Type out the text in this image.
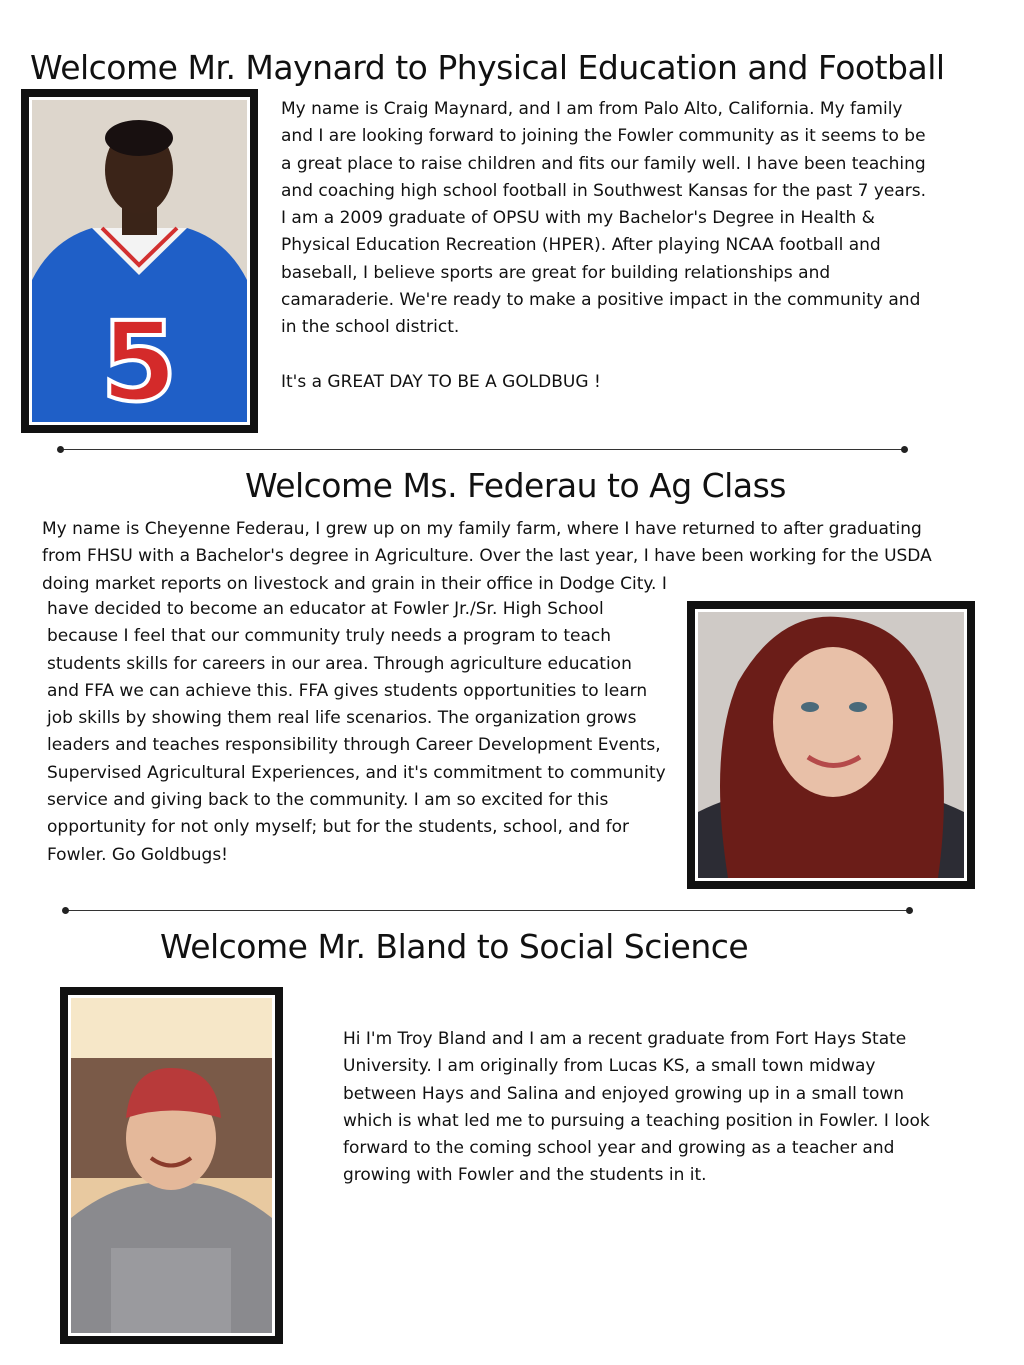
Welcome Mr. Maynard to Physical Education and Football
5

My name is Craig Maynard, and I am from Palo Alto, California. My family and I are looking forward to joining the Fowler community as it seems to be a great place to raise children and fits our family well. I have been teaching and coaching high school football in Southwest Kansas for the past 7 years. I am a 2009 graduate of OPSU with my Bachelor's Degree in Health & Physical Education Recreation (HPER). After playing NCAA football and baseball, I believe sports are great for building relationships and camaraderie. We're ready to make a positive impact in the community and in the school district.

It's a GREAT DAY TO BE A GOLDBUG !

Welcome Ms. Federau to Ag Class

My name is Cheyenne Federau, I grew up on my family farm, where I have returned to after graduating from FHSU with a Bachelor's degree in Agriculture. Over the last year, I have been working for the USDA doing market reports on livestock and grain in their office in Dodge City. I

have decided to become an educator at Fowler Jr./Sr. High School because I feel that our community truly needs a program to teach students skills for careers in our area. Through agriculture education and FFA we can achieve this. FFA gives students opportunities to learn job skills by showing them real life scenarios. The organization grows leaders and teaches responsibility through Career Development Events, Supervised Agricultural Experiences, and it's commitment to community service and giving back to the community. I am so excited for this opportunity for not only myself; but for the students, school, and for Fowler. Go Goldbugs!

Welcome Mr. Bland to Social Science

Hi I'm Troy Bland and I am a recent graduate from Fort Hays State University. I am originally from Lucas KS, a small town midway between Hays and Salina and enjoyed growing up in a small town which is what led me to pursuing a teaching position in Fowler. I look forward to the coming school year and growing as a teacher and growing with Fowler and the students in it.
